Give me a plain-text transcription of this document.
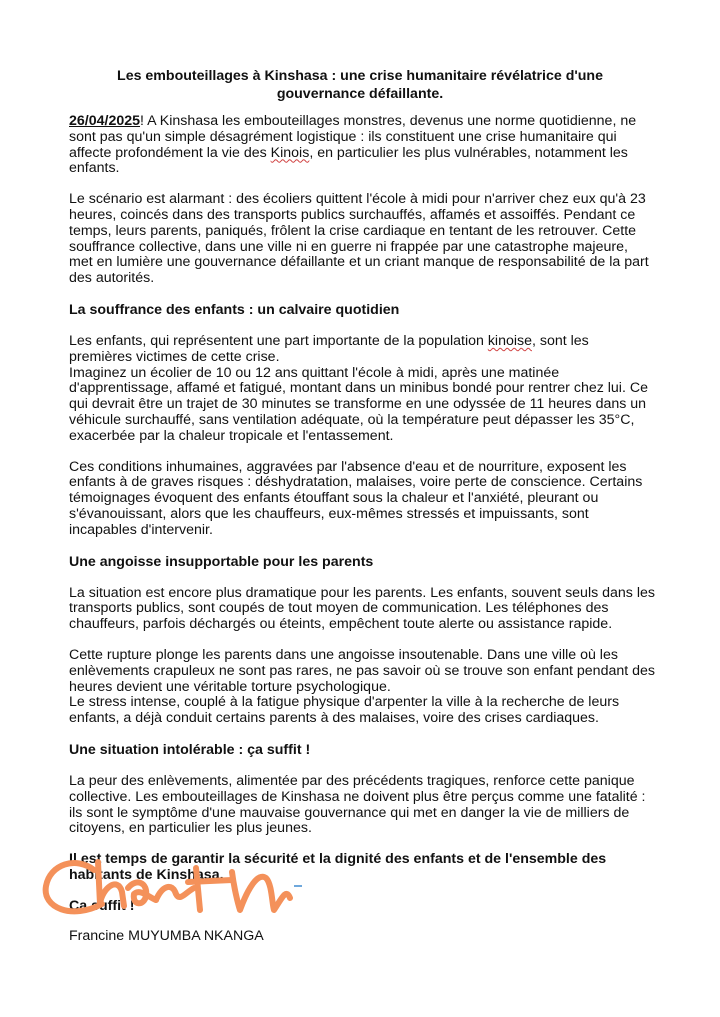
Les embouteillages à Kinshasa : une crise humanitaire révélatrice d'une gouvernance défaillante.

26/04/2025! A Kinshasa les embouteillages monstres, devenus une norme quotidienne, ne sont pas qu'un simple désagrément logistique : ils constituent une crise humanitaire qui affecte profondément la vie des Kinois, en particulier les plus vulnérables, notamment les enfants.

Le scénario est alarmant : des écoliers quittent l'école à midi pour n'arriver chez eux qu'à 23 heures, coincés dans des transports publics surchauffés, affamés et assoiffés. Pendant ce temps, leurs parents, paniqués, frôlent la crise cardiaque en tentant de les retrouver. Cette souffrance collective, dans une ville ni en guerre ni frappée par une catastrophe majeure, met en lumière une gouvernance défaillante et un criant manque de responsabilité de la part des autorités.

La souffrance des enfants : un calvaire quotidien

Les enfants, qui représentent une part importante de la population kinoise, sont les premières victimes de cette crise.

Imaginez un écolier de 10 ou 12 ans quittant l'école à midi, après une matinée d'apprentissage, affamé et fatigué, montant dans un minibus bondé pour rentrer chez lui. Ce qui devrait être un trajet de 30 minutes se transforme en une odyssée de 11 heures dans un véhicule surchauffé, sans ventilation adéquate, où la température peut dépasser les 35°C, exacerbée par la chaleur tropicale et l'entassement.

Ces conditions inhumaines, aggravées par l'absence d'eau et de nourriture, exposent les enfants à de graves risques : déshydratation, malaises, voire perte de conscience. Certains témoignages évoquent des enfants étouffant sous la chaleur et l'anxiété, pleurant ou s'évanouissant, alors que les chauffeurs, eux-mêmes stressés et impuissants, sont incapables d'intervenir.

Une angoisse insupportable pour les parents

La situation est encore plus dramatique pour les parents. Les enfants, souvent seuls dans les transports publics, sont coupés de tout moyen de communication. Les téléphones des chauffeurs, parfois déchargés ou éteints, empêchent toute alerte ou assistance rapide.

Cette rupture plonge les parents dans une angoisse insoutenable. Dans une ville où les enlèvements crapuleux ne sont pas rares, ne pas savoir où se trouve son enfant pendant des heures devient une véritable torture psychologique.

Le stress intense, couplé à la fatigue physique d'arpenter la ville à la recherche de leurs enfants, a déjà conduit certains parents à des malaises, voire des crises cardiaques.

Une situation intolérable : ça suffit !

La peur des enlèvements, alimentée par des précédents tragiques, renforce cette panique collective. Les embouteillages de Kinshasa ne doivent plus être perçus comme une fatalité : ils sont le symptôme d'une mauvaise gouvernance qui met en danger la vie de milliers de citoyens, en particulier les plus jeunes.

Il est temps de garantir la sécurité et la dignité des enfants et de l'ensemble des habitants de Kinshasa.

Ça suffit !

Francine MUYUMBA NKANGA
